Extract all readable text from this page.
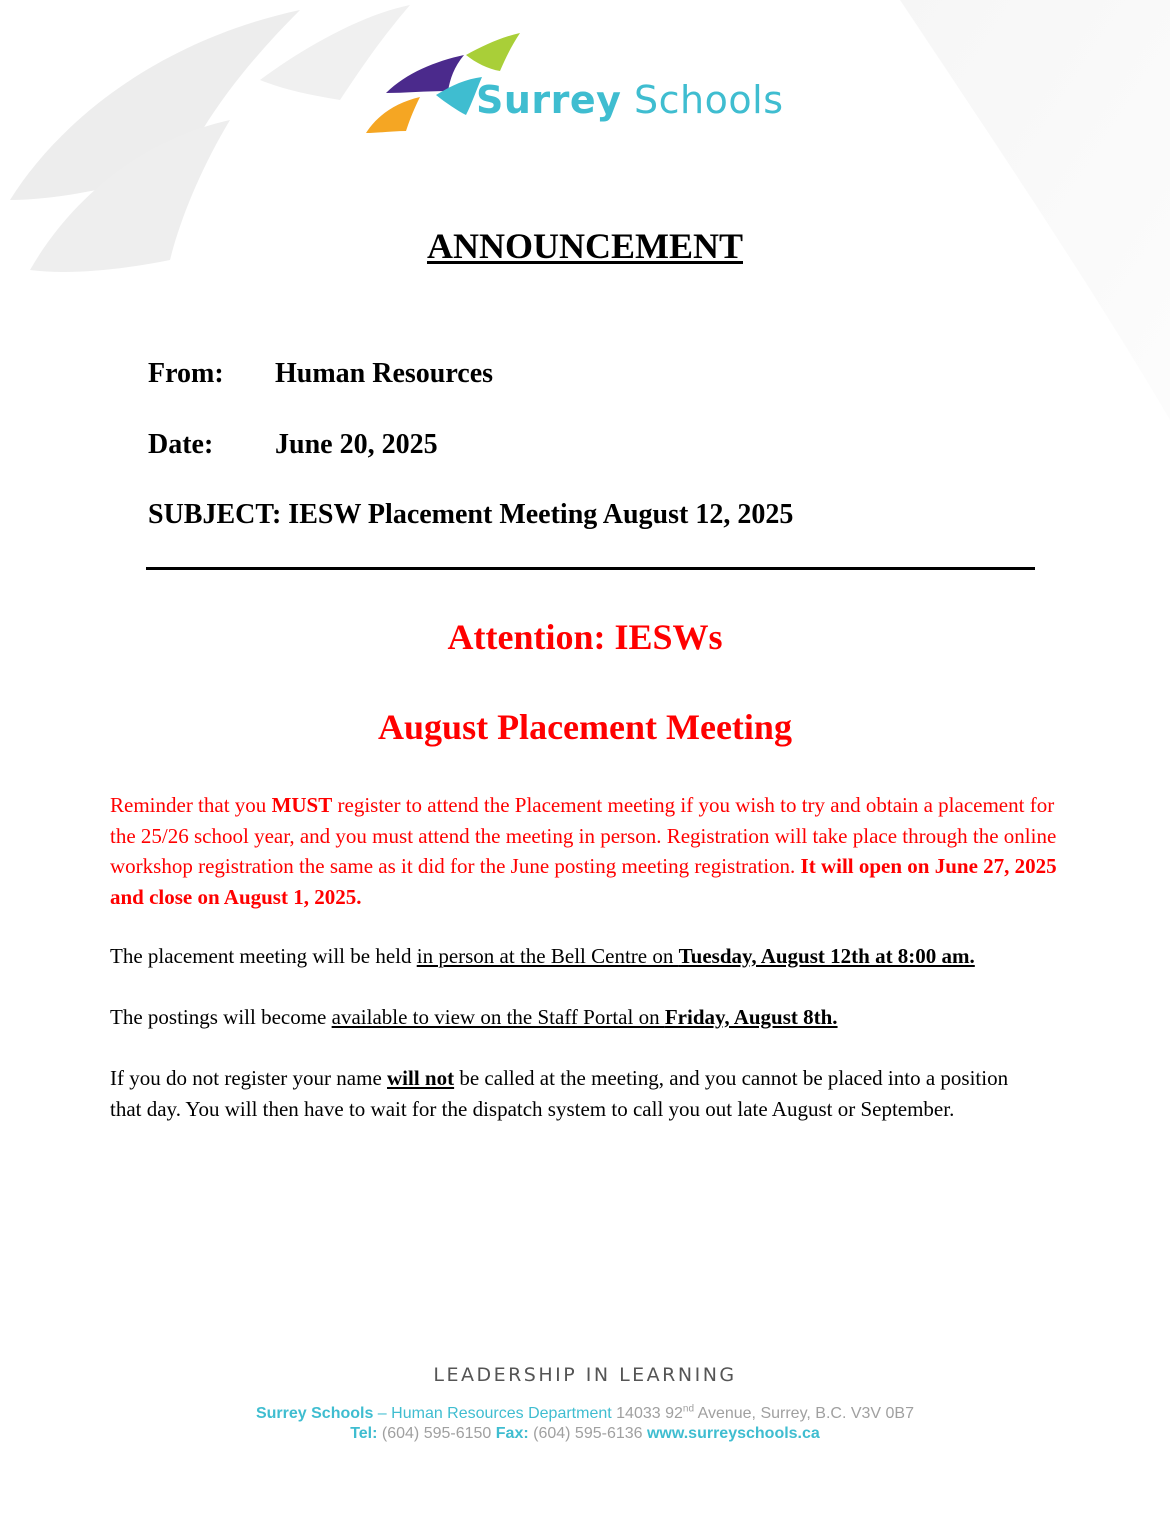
Surrey Schools
ANNOUNCEMENT
From: Human Resources
Date: June 20, 2025
SUBJECT: IESW Placement Meeting August 12, 2025
Attention: IESWs
August Placement Meeting
Reminder that you MUST register to attend the Placement meeting if you wish to try and obtain a placement for the 25/26 school year, and you must attend the meeting in person. Registration will take place through the online workshop registration the same as it did for the June posting meeting registration. It will open on June 27, 2025 and close on August 1, 2025.
The placement meeting will be held in person at the Bell Centre on Tuesday, August 12th at 8:00 am.
The postings will become available to view on the Staff Portal on Friday, August 8th.
If you do not register your name will not be called at the meeting, and you cannot be placed into a position that day. You will then have to wait for the dispatch system to call you out late August or September.
LEADERSHIP IN LEARNING
Surrey Schools – Human Resources Department 14033 92nd Avenue, Surrey, B.C. V3V 0B7
Tel: (604) 595-6150 Fax: (604) 595-6136 www.surreyschools.ca
